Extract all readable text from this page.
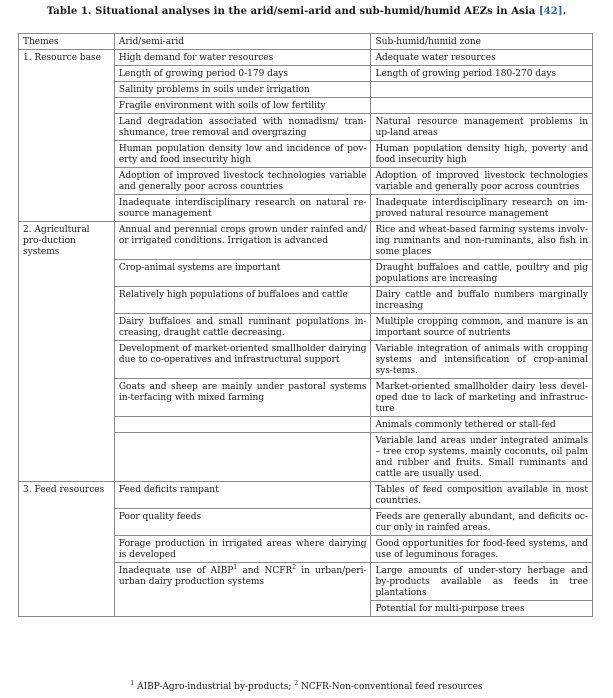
Table 1. Situational analyses in the arid/semi-arid and sub-humid/humid AEZs in Asia [42].
Themes	Arid/semi-arid	Sub-humid/humid zone
1. Resource base	High demand for water resources	Adequate water resources
	Length of growing period 0-179 days	Length of growing period 180-270 days
	Salinity problems in soils under irrigation	
	Fragile environment with soils of low fertility	
	Land degradation associated with nomadism/ tran-shumance, tree removal and overgrazing	Natural resource management problems in up-land areas
	Human population density low and incidence of pov-erty and food insecurity high	Human population density high, poverty and food insecurity high
	Adoption of improved livestock technologies variable and generally poor across countries	Adoption of improved livestock technologies variable and generally poor across countries
	Inadequate interdisciplinary research on natural re-source management	Inadequate interdisciplinary research on im-proved natural resource management
2. Agricultural pro-duction systems	Annual and perennial crops grown under rainfed and/ or irrigated conditions. Irrigation is advanced	Rice and wheat-based farming systems involv-ing ruminants and non-ruminants, also fish in some places
	Crop-animal systems are important	Draught buffaloes and cattle, poultry and pig populations are increasing
	Relatively high populations of buffaloes and cattle	Dairy cattle and buffalo numbers marginally increasing
	Dairy buffaloes and small ruminant populations in-creasing, draught cattle decreasing.	Multiple cropping common, and manure is an important source of nutrients
	Development of market-oriented smallholder dairying due to co-operatives and infrastructural support	Variable integration of animals with cropping systems and intensification of crop-animal sys-tems.
	Goats and sheep are mainly under pastoral systems in-terfacing with mixed farming	Market-oriented smallholder dairy less devel-oped due to lack of marketing and infrastruc-ture
		Animals commonly tethered or stall-fed
		Variable land areas under integrated animals – tree crop systems, mainly coconuts, oil palm and rubber and fruits. Small ruminants and cattle are usually used.
3. Feed resources	Feed deficits rampant	Tables of feed composition available in most countries.
	Poor quality feeds	Feeds are generally abundant, and deficits oc-cur only in rainfed areas.
	Forage production in irrigated areas where dairying is developed	Good opportunities for food-feed systems, and use of leguminous forages.
	Inadequate use of AIBP$^1$ and NCFR$^2$ in urban/peri-urban dairy production systems	Large amounts of under-story herbage and by-products available as feeds in tree plantations
		Potential for multi-purpose trees
$^1$ AIBP-Agro-industrial by-products; $^2$ NCFR-Non-conventional feed resources
